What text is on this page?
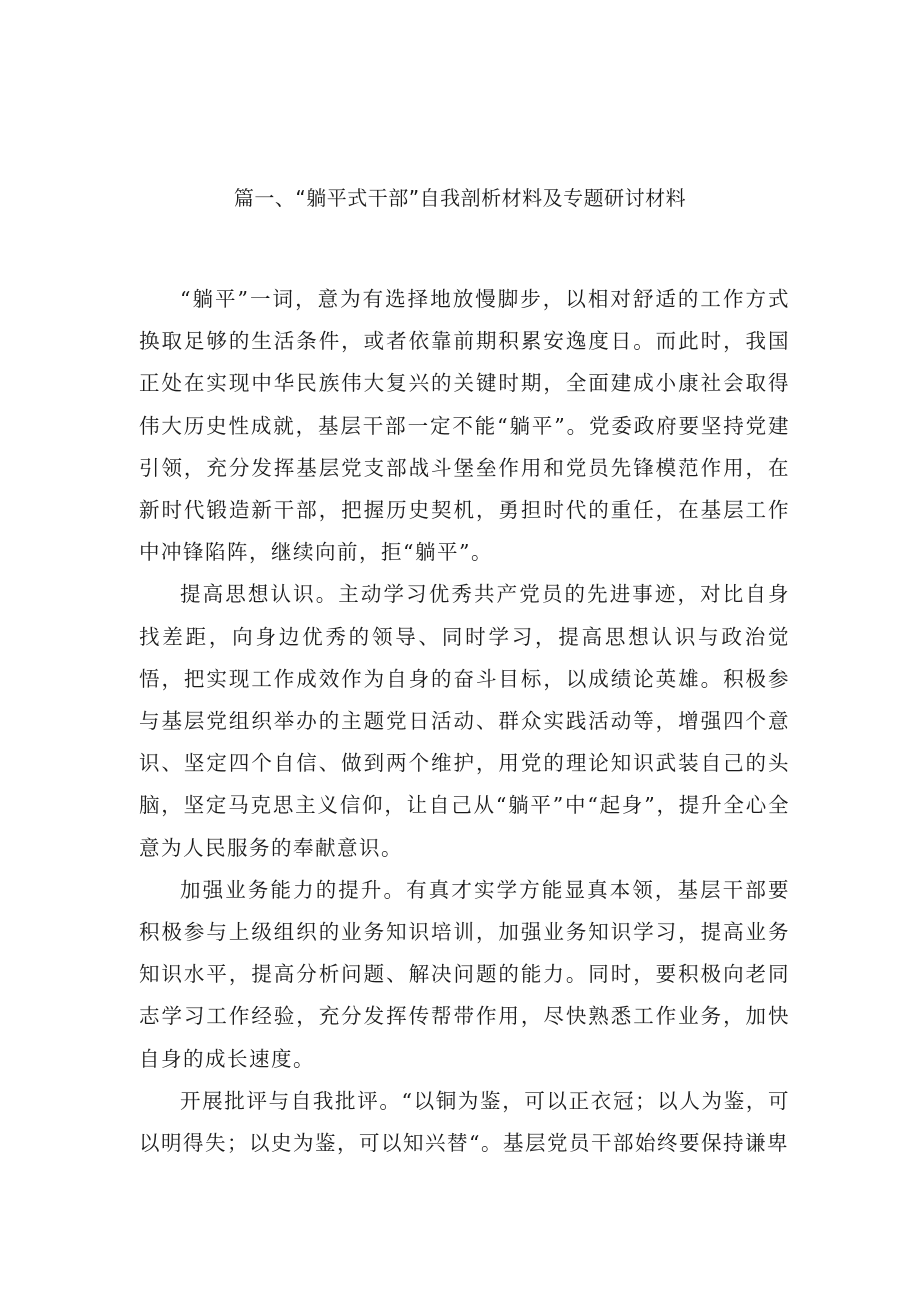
篇一、“躺平式干部”自我剖析材料及专题研讨材料

“躺平”一词，意为有选择地放慢脚步，以相对舒适的工作方式换取足够的生活条件，或者依靠前期积累安逸度日。而此时，我国正处在实现中华民族伟大复兴的关键时期，全面建成小康社会取得伟大历史性成就，基层干部一定不能“躺平”。党委政府要坚持党建引领，充分发挥基层党支部战斗堡垒作用和党员先锋模范作用，在新时代锻造新干部，把握历史契机，勇担时代的重任，在基层工作中冲锋陷阵，继续向前，拒“躺平”。

提高思想认识。主动学习优秀共产党员的先进事迹，对比自身找差距，向身边优秀的领导、同时学习，提高思想认识与政治觉悟，把实现工作成效作为自身的奋斗目标，以成绩论英雄。积极参与基层党组织举办的主题党日活动、群众实践活动等，增强四个意识、坚定四个自信、做到两个维护，用党的理论知识武装自己的头脑，坚定马克思主义信仰，让自己从“躺平”中“起身”，提升全心全意为人民服务的奉献意识。

加强业务能力的提升。有真才实学方能显真本领，基层干部要积极参与上级组织的业务知识培训，加强业务知识学习，提高业务知识水平，提高分析问题、解决问题的能力。同时，要积极向老同志学习工作经验，充分发挥传帮带作用，尽快熟悉工作业务，加快自身的成长速度。

开展批评与自我批评。“以铜为鉴，可以正衣冠；以人为鉴，可以明得失；以史为鉴，可以知兴替“。基层党员干部始终要保持谦卑
